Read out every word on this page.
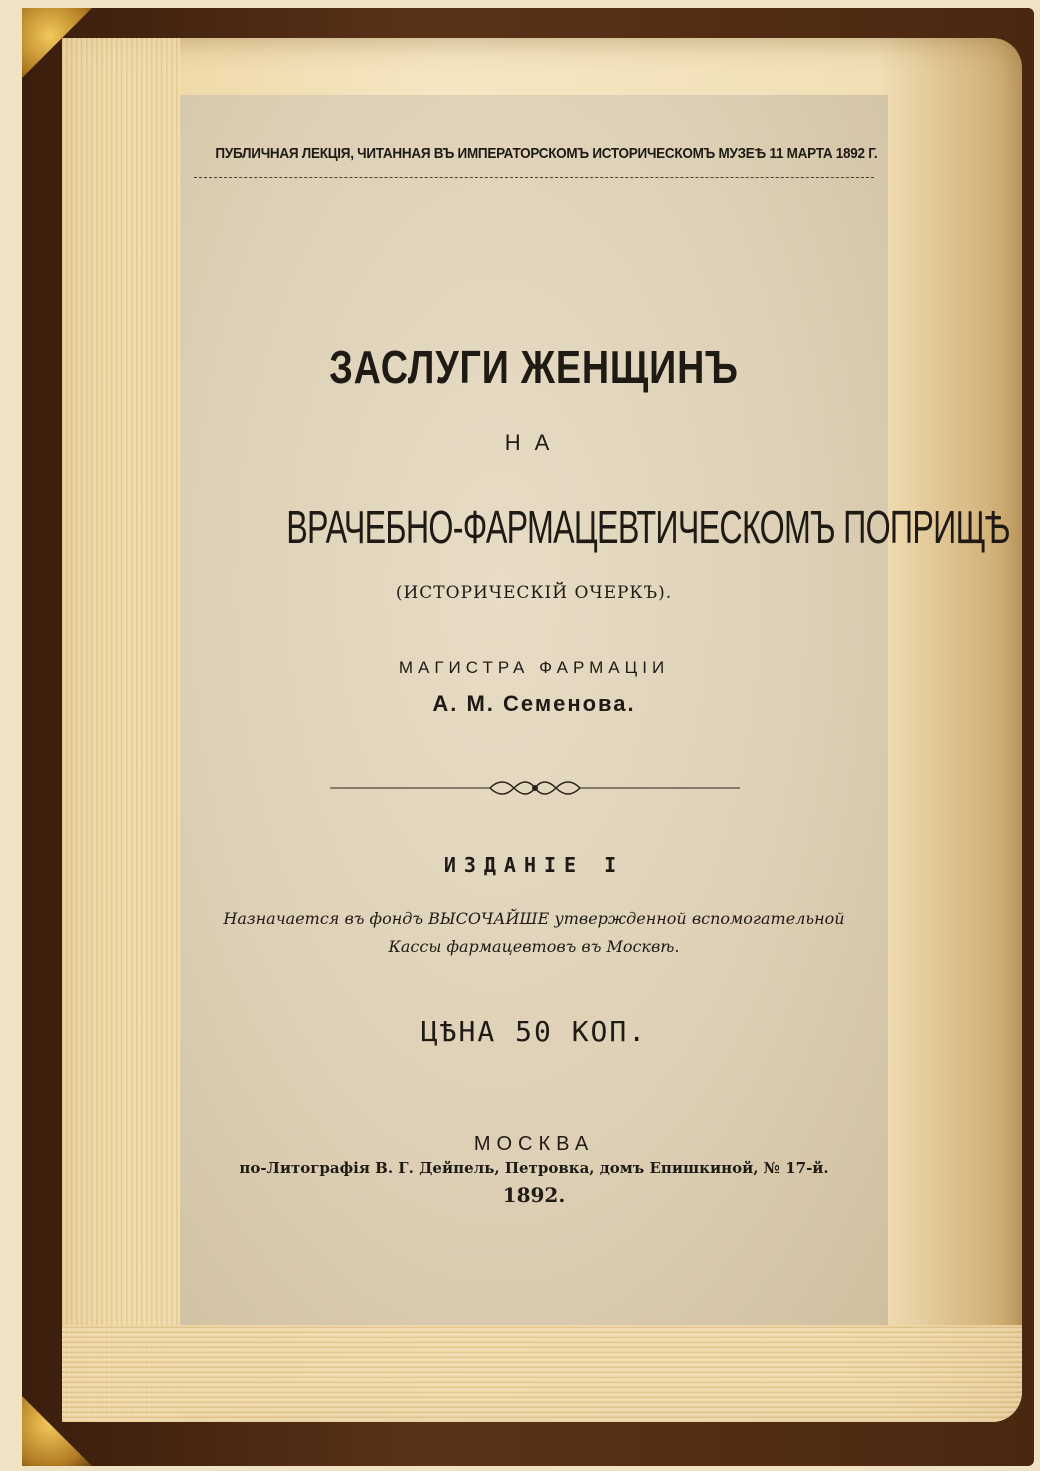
ПУБЛИЧНАЯ ЛЕКЦІЯ, ЧИТАННАЯ ВЪ ИМПЕРАТОРСКОМЪ ИСТОРИЧЕСКОМЪ МУЗЕѢ 11 МАРТА 1892 Г.
ЗАСЛУГИ ЖЕНЩИНЪ
НА
ВРАЧЕБНО-ФАРМАЦЕВТИЧЕСКОМЪ ПОПРИЩѢ
(ИСТОРИЧЕСКІЙ ОЧЕРКЪ).
МАГИСТРА ФАРМАЦІИ
А. М. Семенова.
ИЗДАНІЕ I
Назначается въ фондъ ВЫСОЧАЙШЕ утвержденной вспомогательной Кассы фармацевтовъ въ Москвѣ.
ЦѢНА 50 КОП.
МОСКВА
по-Литографія В. Г. Дейпель, Петровка, домъ Епишкиной, № 17-й.
1892.
